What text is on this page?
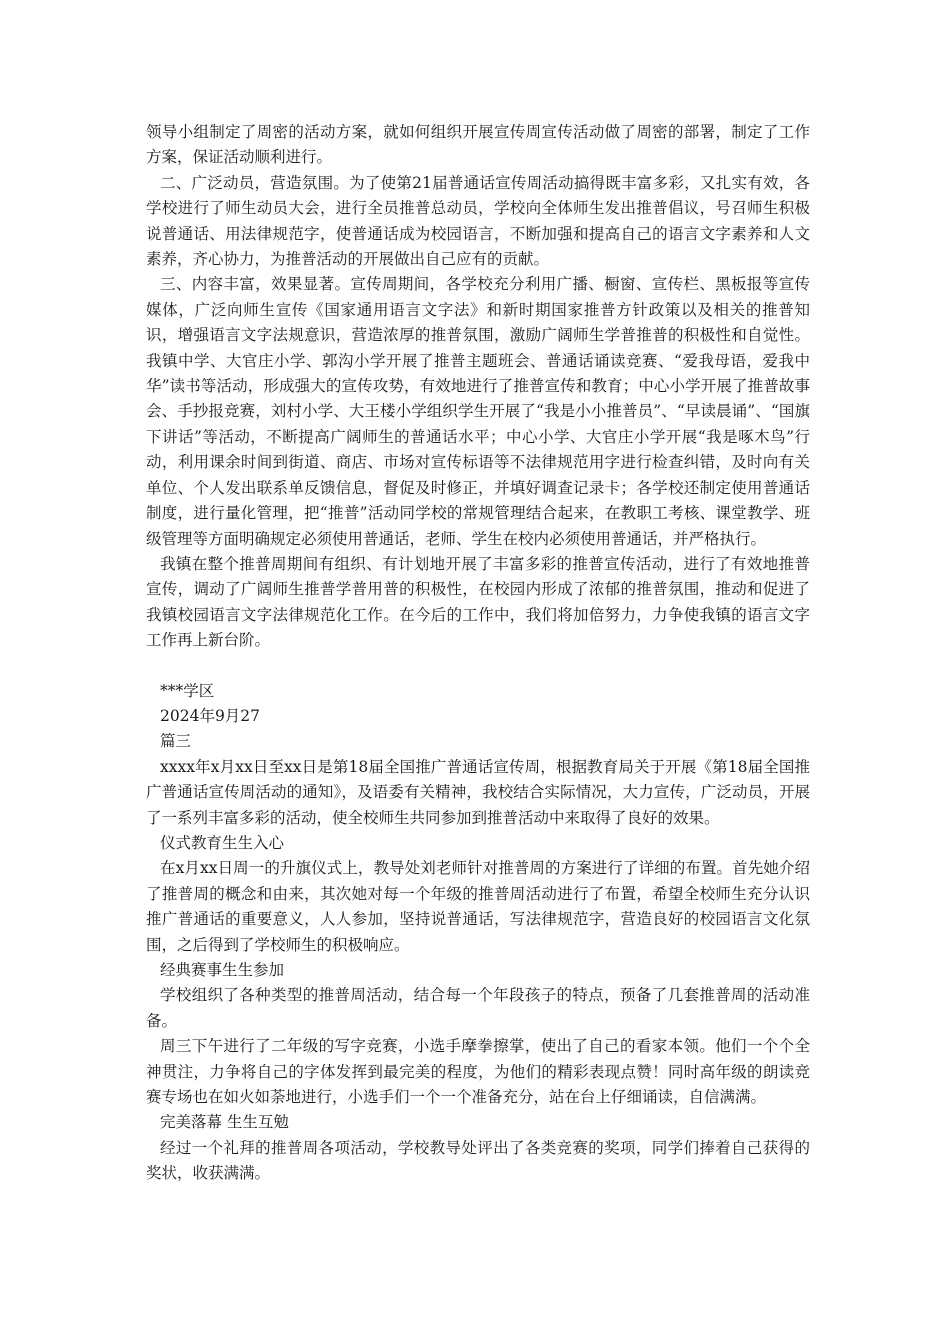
领导小组制定了周密的活动方案，就如何组织开展宣传周宣传活动做了周密的部署，制定了工作方案，保证活动顺利进行。

二、广泛动员，营造氛围。为了使第21届普通话宣传周活动搞得既丰富多彩，又扎实有效，各学校进行了师生动员大会，进行全员推普总动员，学校向全体师生发出推普倡议，号召师生积极说普通话、用法律规范字，使普通话成为校园语言，不断加强和提高自己的语言文字素养和人文素养，齐心协力，为推普活动的开展做出自己应有的贡献。

三、内容丰富，效果显著。宣传周期间，各学校充分利用广播、橱窗、宣传栏、黑板报等宣传媒体，广泛向师生宣传《国家通用语言文字法》和新时期国家推普方针政策以及相关的推普知识，增强语言文字法规意识，营造浓厚的推普氛围，激励广阔师生学普推普的积极性和自觉性。我镇中学、大官庄小学、郭沟小学开展了推普主题班会、普通话诵读竞赛、“爱我母语，爱我中华”读书等活动，形成强大的宣传攻势，有效地进行了推普宣传和教育；中心小学开展了推普故事会、手抄报竞赛，刘村小学、大王楼小学组织学生开展了“我是小小推普员”、“早读晨诵”、“国旗下讲话”等活动，不断提高广阔师生的普通话水平；中心小学、大官庄小学开展“我是啄木鸟”行动，利用课余时间到街道、商店、市场对宣传标语等不法律规范用字进行检查纠错，及时向有关单位、个人发出联系单反馈信息，督促及时修正，并填好调查记录卡；各学校还制定使用普通话制度，进行量化管理，把“推普”活动同学校的常规管理结合起来，在教职工考核、课堂教学、班级管理等方面明确规定必须使用普通话，老师、学生在校内必须使用普通话，并严格执行。

我镇在整个推普周期间有组织、有计划地开展了丰富多彩的推普宣传活动，进行了有效地推普宣传，调动了广阔师生推普学普用普的积极性，在校园内形成了浓郁的推普氛围，推动和促进了我镇校园语言文字法律规范化工作。在今后的工作中，我们将加倍努力，力争使我镇的语言文字工作再上新台阶。

***学区

2024年9月27

篇三

xxxx年x月xx日至xx日是第18届全国推广普通话宣传周，根据教育局关于开展《第18届全国推广普通话宣传周活动的通知》，及语委有关精神，我校结合实际情况，大力宣传，广泛动员，开展了一系列丰富多彩的活动，使全校师生共同参加到推普活动中来取得了良好的效果。

仪式教育生生入心

在x月xx日周一的升旗仪式上，教导处刘老师针对推普周的方案进行了详细的布置。首先她介绍了推普周的概念和由来，其次她对每一个年级的推普周活动进行了布置，希望全校师生充分认识推广普通话的重要意义，人人参加，坚持说普通话，写法律规范字，营造良好的校园语言文化氛围，之后得到了学校师生的积极响应。

经典赛事生生参加

学校组织了各种类型的推普周活动，结合每一个年段孩子的特点，预备了几套推普周的活动准备。

周三下午进行了二年级的写字竞赛，小选手摩拳擦掌，使出了自己的看家本领。他们一个个全神贯注，力争将自己的字体发挥到最完美的程度，为他们的精彩表现点赞！同时高年级的朗读竞赛专场也在如火如荼地进行，小选手们一个一个准备充分，站在台上仔细诵读，自信满满。

完美落幕 生生互勉

经过一个礼拜的推普周各项活动，学校教导处评出了各类竞赛的奖项，同学们捧着自己获得的奖状，收获满满。
